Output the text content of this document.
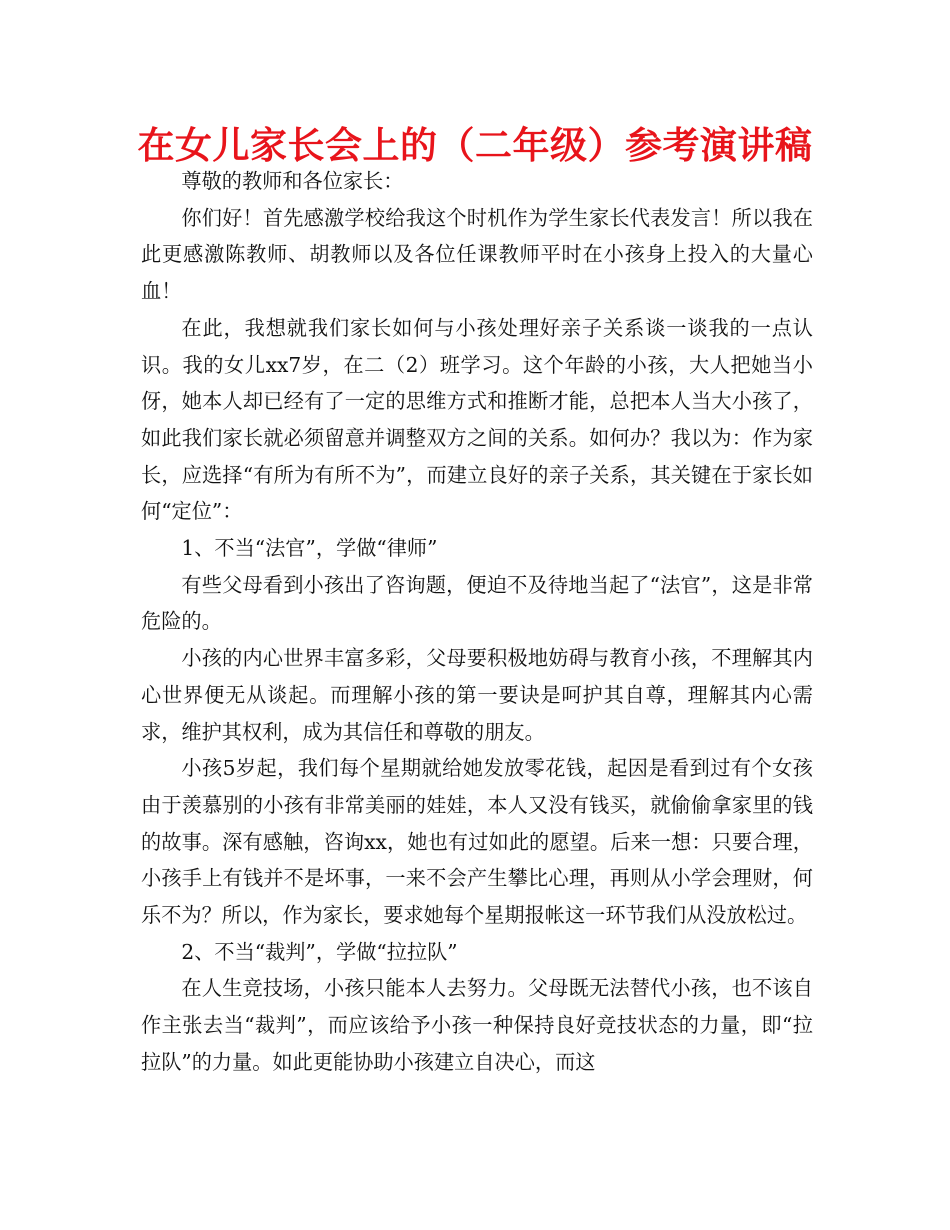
在女儿家长会上的（二年级）参考演讲稿

尊敬的教师和各位家长：

你们好！首先感激学校给我这个时机作为学生家长代表发言！所以我在此更感激陈教师、胡教师以及各位任课教师平时在小孩身上投入的大量心血！

在此，我想就我们家长如何与小孩处理好亲子关系谈一谈我的一点认识。我的女儿xx7岁，在二（2）班学习。这个年龄的小孩，大人把她当小伢，她本人却已经有了一定的思维方式和推断才能，总把本人当大小孩了，如此我们家长就必须留意并调整双方之间的关系。如何办？我以为：作为家长，应选择“有所为有所不为”，而建立良好的亲子关系，其关键在于家长如何“定位”：

1、不当“法官”，学做“律师”

有些父母看到小孩出了咨询题，便迫不及待地当起了“法官”，这是非常危险的。

小孩的内心世界丰富多彩，父母要积极地妨碍与教育小孩，不理解其内心世界便无从谈起。而理解小孩的第一要诀是呵护其自尊，理解其内心需求，维护其权利，成为其信任和尊敬的朋友。

小孩5岁起，我们每个星期就给她发放零花钱，起因是看到过有个女孩由于羡慕别的小孩有非常美丽的娃娃，本人又没有钱买，就偷偷拿家里的钱的故事。深有感触，咨询xx，她也有过如此的愿望。后来一想：只要合理，小孩手上有钱并不是坏事，一来不会产生攀比心理，再则从小学会理财，何乐不为？所以，作为家长，要求她每个星期报帐这一环节我们从没放松过。

2、不当“裁判”，学做“拉拉队”

在人生竞技场，小孩只能本人去努力。父母既无法替代小孩，也不该自作主张去当“裁判”，而应该给予小孩一种保持良好竞技状态的力量，即“拉拉队”的力量。如此更能协助小孩建立自决心，而这
